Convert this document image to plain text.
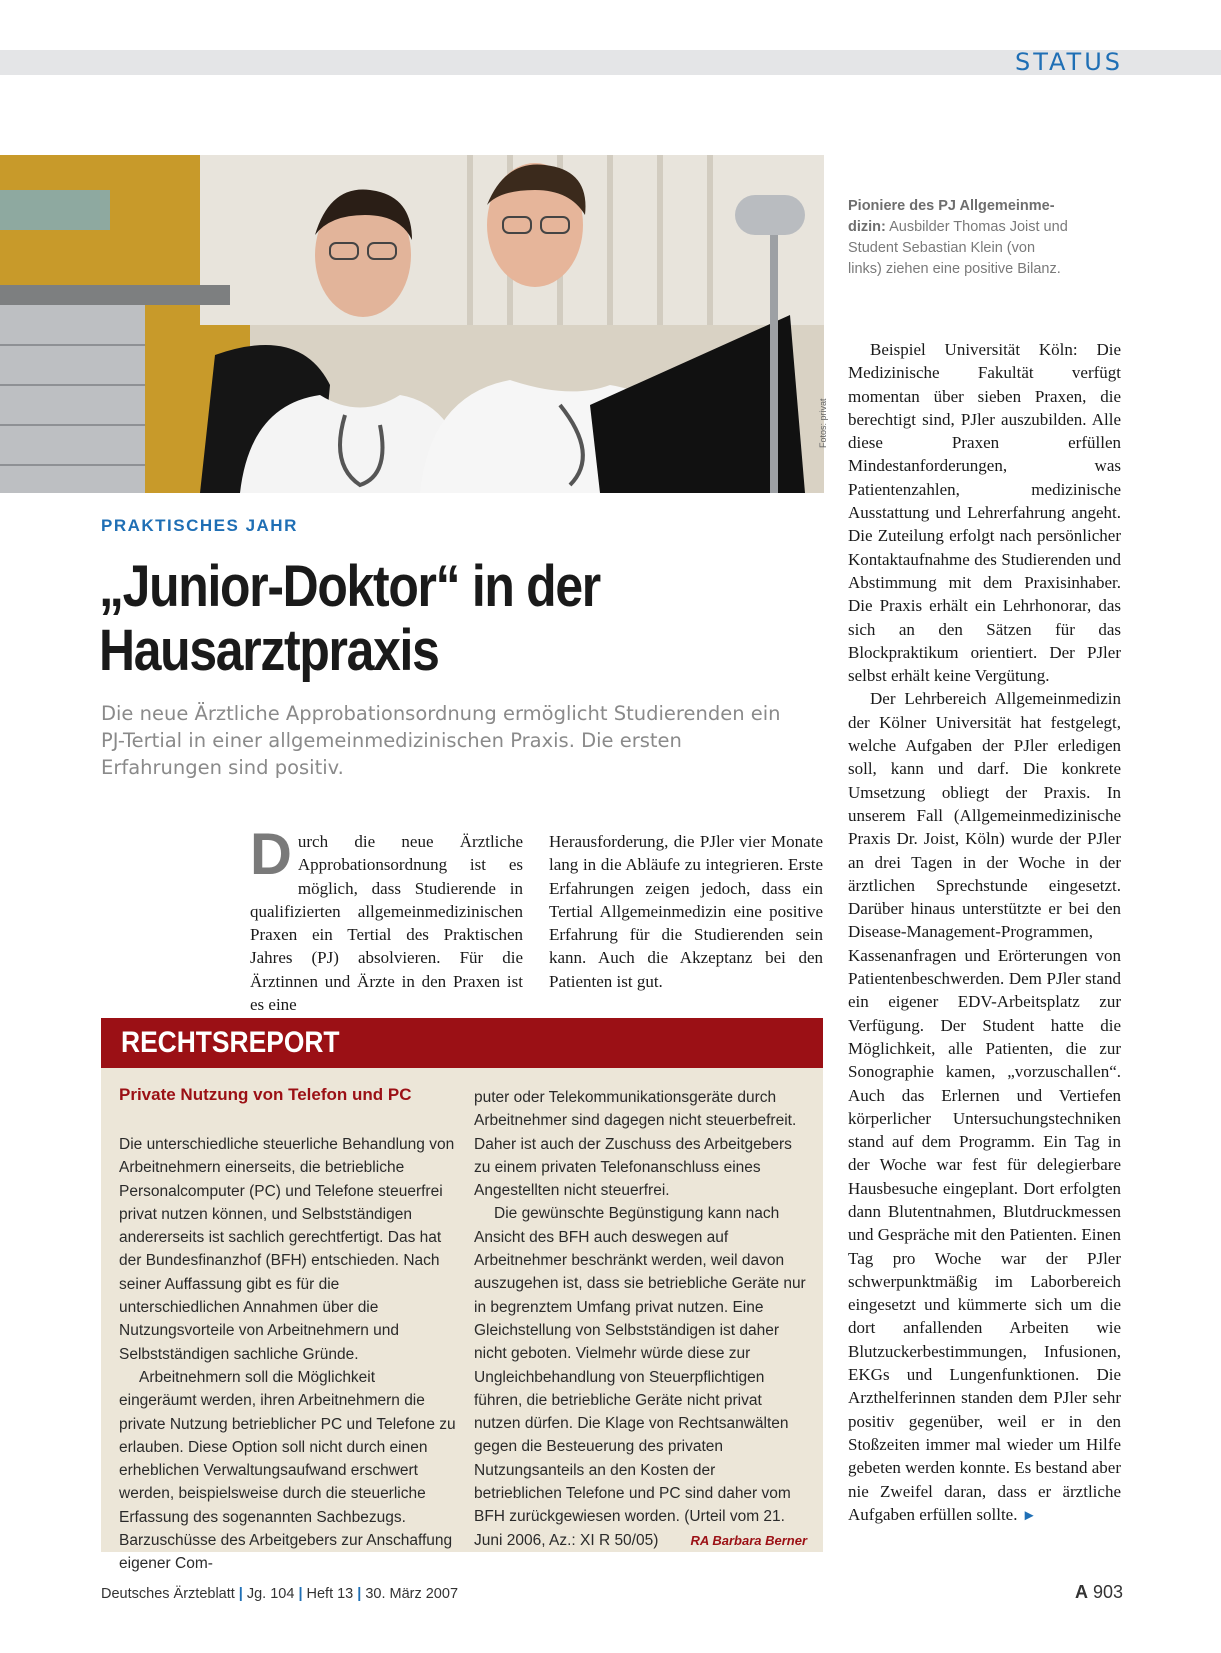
STATUS
Fotos: privat
Pioniere des PJ Allgemeinme-dizin: Ausbilder Thomas Joist und Student Sebastian Klein (von links) ziehen eine positive Bilanz.
PRAKTISCHES JAHR
„Junior-Doktor“ in der
Hausarztpraxis

Die neue Ärztliche Approbationsordnung ermöglicht Studierenden ein PJ-Tertial in einer allgemeinmedizinischen Praxis. Die ersten Erfahrungen sind positiv.

Durch die neue Ärztliche Approbationsordnung ist es möglich, dass Studierende in qualifizierten allgemeinmedizinischen Praxen ein Tertial des Praktischen Jahres (PJ) absolvieren. Für die Ärztinnen und Ärzte in den Praxen ist es eine

Herausforderung, die PJler vier Monate lang in die Abläufe zu integrieren. Erste Erfahrungen zeigen jedoch, dass ein Tertial Allgemeinmedizin eine positive Erfahrung für die Studierenden sein kann. Auch die Akzeptanz bei den Patienten ist gut.

Beispiel Universität Köln: Die Medizinische Fakultät verfügt momentan über sieben Praxen, die berechtigt sind, PJler auszubilden. Alle diese Praxen erfüllen Mindestanforderungen, was Patientenzahlen, medizinische Ausstattung und Lehrerfahrung angeht. Die Zuteilung erfolgt nach persönlicher Kontaktaufnahme des Studierenden und Abstimmung mit dem Praxisinhaber. Die Praxis erhält ein Lehrhonorar, das sich an den Sätzen für das Blockpraktikum orientiert. Der PJler selbst erhält keine Vergütung.

Der Lehrbereich Allgemeinmedizin der Kölner Universität hat festgelegt, welche Aufgaben der PJler erledigen soll, kann und darf. Die konkrete Umsetzung obliegt der Praxis. In unserem Fall (Allgemeinmedizinische Praxis Dr. Joist, Köln) wurde der PJler an drei Tagen in der Woche in der ärztlichen Sprechstunde eingesetzt. Darüber hinaus unterstützte er bei den Disease-Management-Programmen, Kassenanfragen und Erörterungen von Patientenbeschwerden. Dem PJler stand ein eigener EDV-Arbeitsplatz zur Verfügung. Der Student hatte die Möglichkeit, alle Patienten, die zur Sonographie kamen, „vorzuschallen“. Auch das Erlernen und Vertiefen körperlicher Untersuchungstechniken stand auf dem Programm. Ein Tag in der Woche war fest für delegierbare Hausbesuche eingeplant. Dort erfolgten dann Blutentnahmen, Blutdruckmessen und Gespräche mit den Patienten. Einen Tag pro Woche war der PJler schwerpunktmäßig im Laborbereich eingesetzt und kümmerte sich um die dort anfallenden Arbeiten wie Blutzuckerbestimmungen, Infusionen, EKGs und Lungenfunktionen. Die Arzthelferinnen standen dem PJler sehr positiv gegenüber, weil er in den Stoßzeiten immer mal wieder um Hilfe gebeten werden konnte. Es bestand aber nie Zweifel daran, dass er ärztliche Aufgaben erfüllen sollte. ►

RECHTSREPORT
Private Nutzung von Telefon und PC

Die unterschiedliche steuerliche Behandlung von Arbeitnehmern einerseits, die betriebliche Personalcomputer (PC) und Telefone steuerfrei privat nutzen können, und Selbstständigen andererseits ist sachlich gerechtfertigt. Das hat der Bundesfinanzhof (BFH) entschieden. Nach seiner Auffassung gibt es für die unterschiedlichen Annahmen über die Nutzungsvorteile von Arbeitnehmern und Selbstständigen sachliche Gründe.

Arbeitnehmern soll die Möglichkeit eingeräumt werden, ihren Arbeitnehmern die private Nutzung betrieblicher PC und Telefone zu erlauben. Diese Option soll nicht durch einen erheblichen Verwaltungsaufwand erschwert werden, beispielsweise durch die steuerliche Erfassung des sogenannten Sachbezugs. Barzuschüsse des Arbeitgebers zur Anschaffung eigener Com-

puter oder Telekommunikationsgeräte durch Arbeitnehmer sind dagegen nicht steuerbefreit. Daher ist auch der Zuschuss des Arbeitgebers zu einem privaten Telefonanschluss eines Angestellten nicht steuerfrei.

Die gewünschte Begünstigung kann nach Ansicht des BFH auch deswegen auf Arbeitnehmer beschränkt werden, weil davon auszugehen ist, dass sie betriebliche Geräte nur in begrenztem Umfang privat nutzen. Eine Gleichstellung von Selbstständigen ist daher nicht geboten. Vielmehr würde diese zur Ungleichbehandlung von Steuerpflichtigen führen, die betriebliche Geräte nicht privat nutzen dürfen. Die Klage von Rechtsanwälten gegen die Besteuerung des privaten Nutzungsanteils an den Kosten der betrieblichen Telefone und PC sind daher vom BFH zurückgewiesen worden. (Urteil vom 21. Juni 2006, Az.: XI R 50/05)	RA Barbara Berner

Deutsches Ärzteblatt | Jg. 104 | Heft 13 | 30. März 2007	A 903
